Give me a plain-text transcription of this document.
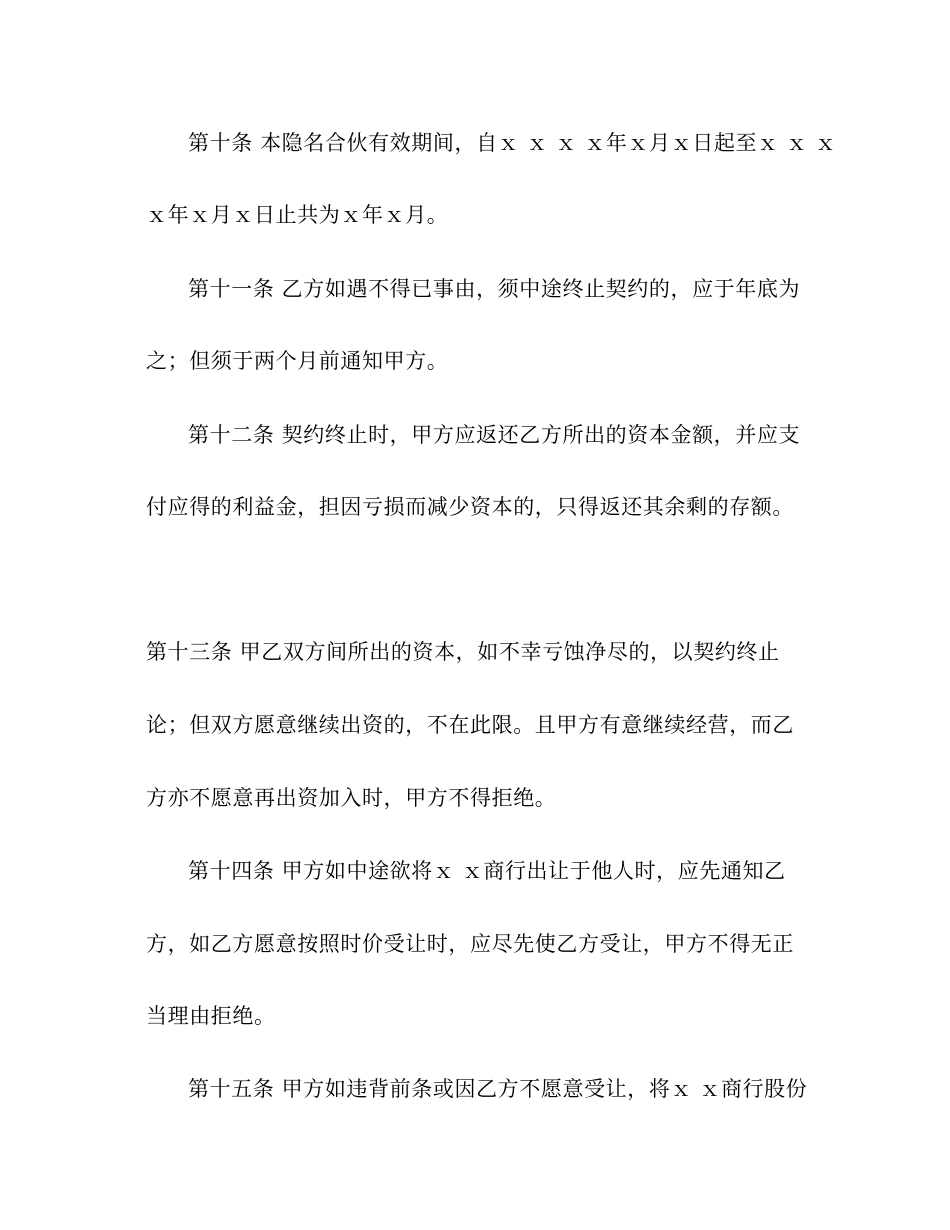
第十条 本隐名合伙有效期间，自ｘ ｘ ｘ ｘ年ｘ月ｘ日起至ｘ ｘ ｘ
ｘ年ｘ月ｘ日止共为ｘ年ｘ月。
第十一条 乙方如遇不得已事由，须中途终止契约的，应于年底为
之；但须于两个月前通知甲方。
第十二条 契约终止时，甲方应返还乙方所出的资本金额，并应支
付应得的利益金，担因亏损而减少资本的，只得返还其余剩的存额。
第十三条 甲乙双方间所出的资本，如不幸亏蚀净尽的，以契约终止
论；但双方愿意继续出资的，不在此限。且甲方有意继续经营，而乙
方亦不愿意再出资加入时，甲方不得拒绝。
第十四条 甲方如中途欲将ｘ ｘ商行出让于他人时，应先通知乙
方，如乙方愿意按照时价受让时，应尽先使乙方受让，甲方不得无正
当理由拒绝。
第十五条 甲方如违背前条或因乙方不愿意受让，将ｘ ｘ商行股份
